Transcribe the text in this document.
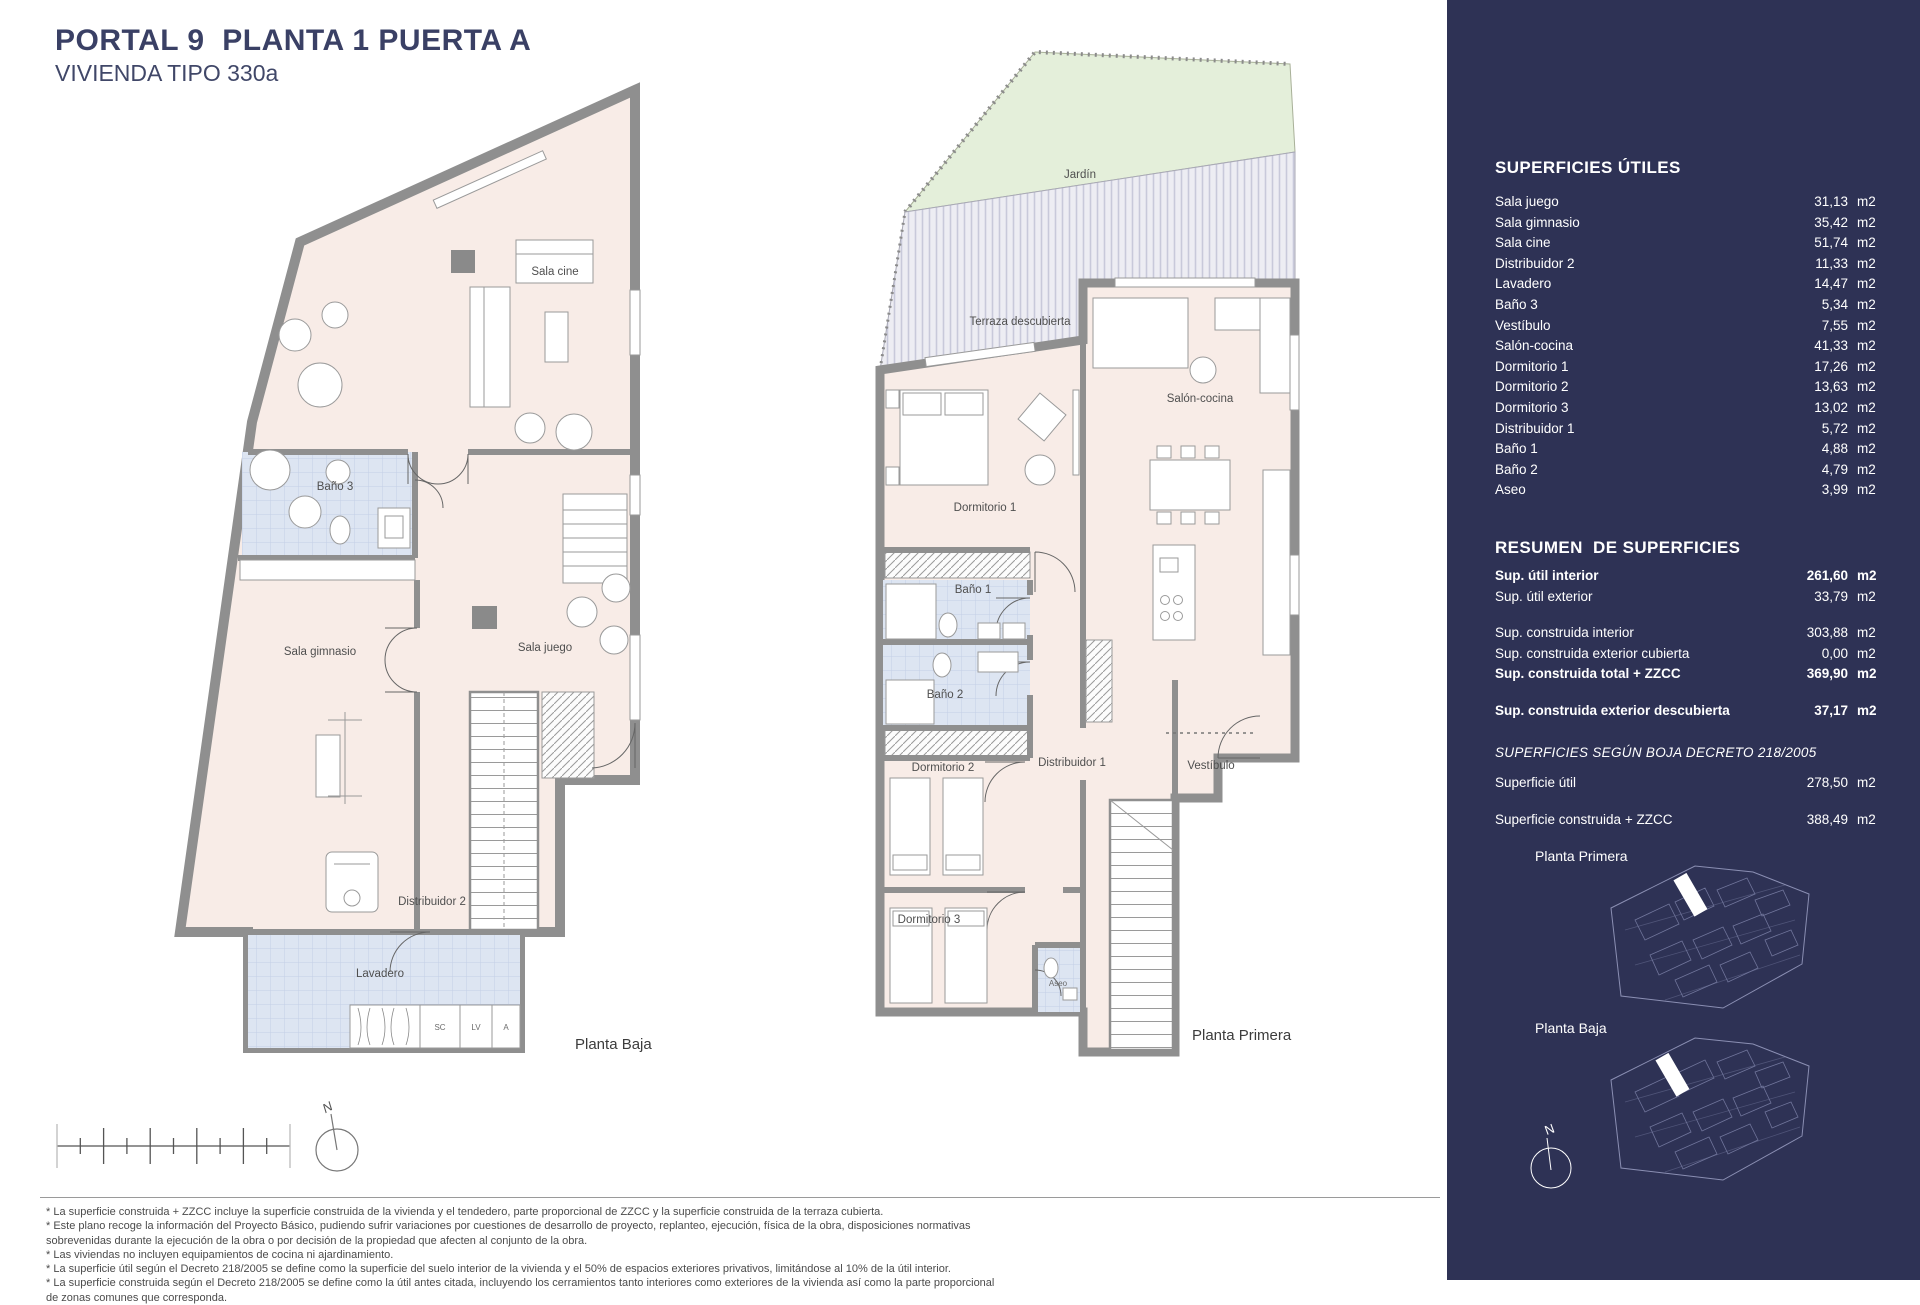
PORTAL 9  PLANTA 1 PUERTA A
VIVIENDA TIPO 330a
SC	LV	A
Sala cine
Baño 3
Sala gimnasio	Sala juego
Distribuidor 2
Lavadero
Jardín
Terraza descubierta
Dormitorio 1
Salón-cocina
Baño 1
Baño 2
Dormitorio 2	Distribuidor 1	Vestíbulo
Dormitorio 3
Aseo
Planta Baja
Planta Primera
N
* La superficie construida + ZZCC incluye la superficie construida de la vivienda y el tendedero, parte proporcional de ZZCC y la superficie construida de la terraza cubierta.
* Este plano recoge la información del Proyecto Básico, pudiendo sufrir variaciones por cuestiones de desarrollo de proyecto, replanteo, ejecución, física de la obra, disposiciones normativas sobrevenidas durante la ejecución de la obra o por decisión de la propiedad que afecten al conjunto de la obra.
* Las viviendas no incluyen equipamientos de cocina ni ajardinamiento.
* La superficie útil según el Decreto 218/2005 se define como la superficie del suelo interior de la vivienda y el 50% de espacios exteriores privativos, limitándose al 10% de la útil interior.
* La superficie construida según el Decreto 218/2005 se define como la útil antes citada, incluyendo los cerramientos tanto interiores como exteriores de la vivienda así como la parte proporcional de zonas comunes que corresponda.
SUPERFICIES ÚTILES
Sala juego	31,13 m2
Sala gimnasio	35,42 m2
Sala cine	51,74 m2
Distribuidor 2	11,33 m2
Lavadero	14,47 m2
Baño 3	5,34 m2
Vestíbulo	7,55 m2
Salón-cocina	41,33 m2
Dormitorio 1	17,26 m2
Dormitorio 2	13,63 m2
Dormitorio 3	13,02 m2
Distribuidor 1	5,72 m2
Baño 1	4,88 m2
Baño 2	4,79 m2
Aseo	3,99 m2
RESUMEN  DE SUPERFICIES
Sup. útil interior	261,60 m2
Sup. útil exterior	33,79 m2
Sup. construida interior	303,88 m2
Sup. construida exterior cubierta	0,00 m2
Sup. construida total + ZZCC	369,90 m2
Sup. construida exterior descubierta	37,17 m2
SUPERFICIES SEGÚN BOJA DECRETO 218/2005
Superficie útil	278,50 m2
Superficie construida + ZZCC	388,49 m2
Planta Primera
Planta Baja
N
